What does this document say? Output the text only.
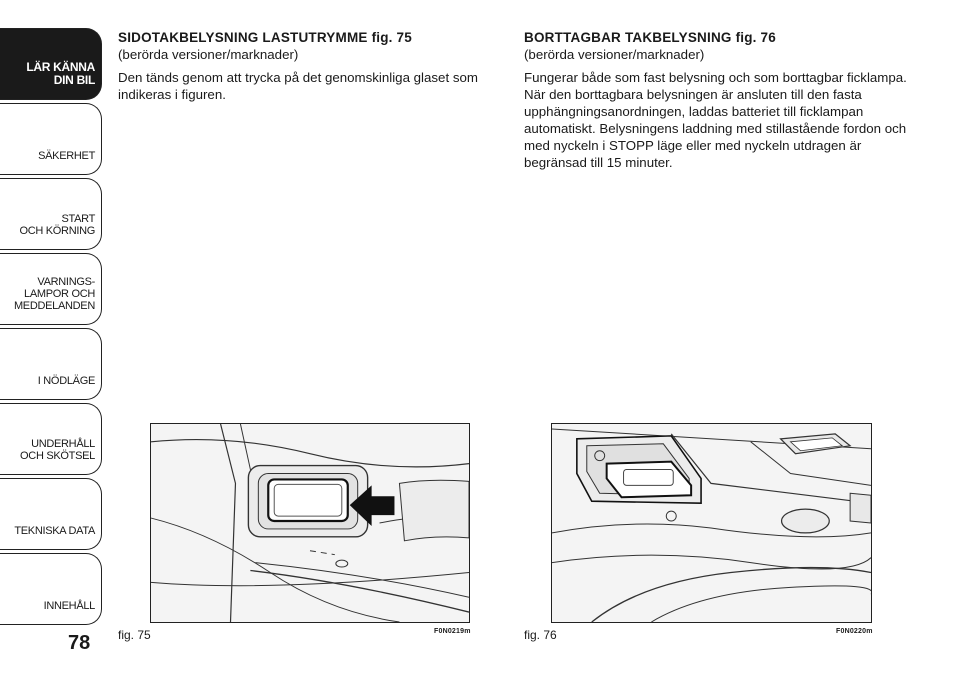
LÄR KÄNNA
DIN BIL
SÄKERHET
START
OCH KÖRNING
VARNINGS-
LAMPOR OCH
MEDDELANDEN
I NÖDLÄGE
UNDERHÅLL
OCH SKÖTSEL
TEKNISKA DATA
INNEHÅLL
78
SIDOTAKBELYSNING LASTUTRYMME fig. 75

(berörda versioner/marknader)

Den tänds genom att trycka på det genomskinliga glaset som indikeras i figuren.

BORTTAGBAR TAKBELYSNING fig. 76

(berörda versioner/marknader)

Fungerar både som fast belysning och som borttagbar ficklampa. När den borttagbara belysningen är ansluten till den fasta upphängningsanordningen, laddas batteriet till ficklampan automatiskt. Belysningens laddning med stillastående fordon och med nyckeln i STOPP läge eller med nyckeln utdragen är begränsad till 15 minuter.

fig. 75	F0N0219m	fig. 76	F0N0220m
